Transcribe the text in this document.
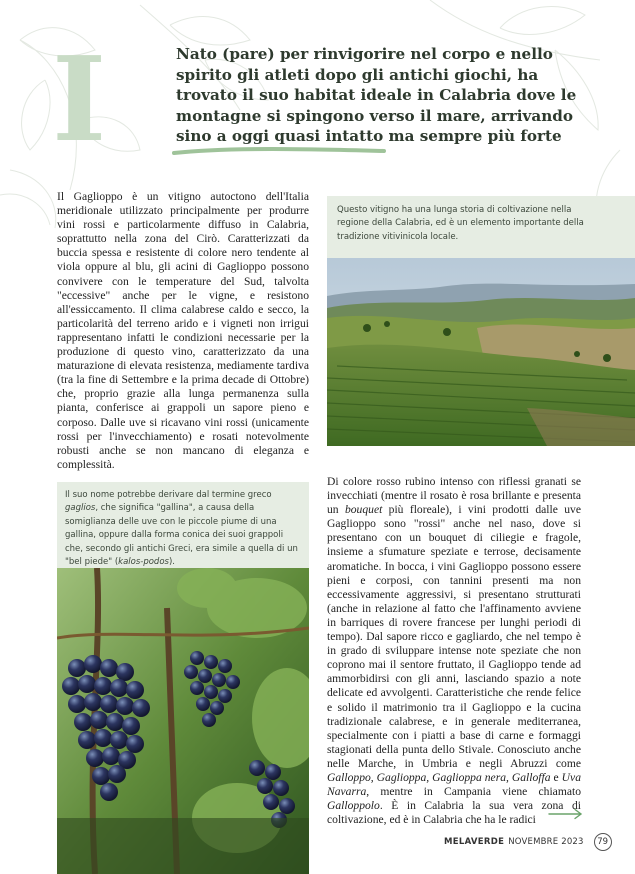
I	Nato (pare) per rinvigorire nel corpo e nello spirito gli atleti dopo gli antichi giochi, ha trovato il suo habitat ideale in Calabria dove le montagne si spingono verso il mare, arrivando sino a oggi quasi intatto ma sempre più forte

Il Gaglioppo è un vitigno autoctono dell'Italia meridionale utilizzato principalmente per produrre vini rossi e particolarmente diffuso in Calabria, soprattutto nella zona del Cirò. Caratterizzati da buccia spessa e resistente di colore nero tendente al viola oppure al blu, gli acini di Gaglioppo possono convivere con le temperature del Sud, talvolta "eccessive" anche per le vigne, e resistono all'essiccamento. Il clima calabrese caldo e secco, la particolarità del terreno arido e i vigneti non irrigui rappresentano infatti le condizioni necessarie per la produzione di questo vino, caratterizzato da una maturazione di elevata resistenza, mediamente tardiva (tra la fine di Settembre e la prima decade di Ottobre) che, proprio grazie alla lunga permanenza sulla pianta, conferisce ai grappoli un sapore pieno e corposo. Dalle uve si ricavano vini rossi (unicamente rossi per l'invecchiamento) e rosati notevolmente robusti anche se non mancano di eleganza e complessità.

Questo vitigno ha una lunga storia di coltivazione nella regione della Calabria, ed è un elemento importante della tradizione vitivinicola locale.

Il suo nome potrebbe derivare dal termine greco gaglios, che significa "gallina", a causa della somiglianza delle uve con le piccole piume di una gallina, oppure dalla forma conica dei suoi grappoli che, secondo gli antichi Greci, era simile a quella di un "bel piede" (kalos-podos).

Di colore rosso rubino intenso con riflessi granati se invecchiati (mentre il rosato è rosa brillante e presenta un bouquet più floreale), i vini prodotti dalle uve Gaglioppo sono "rossi" anche nel naso, dove si presentano con un bouquet di ciliegie e fragole, insieme a sfumature speziate e terrose, decisamente aromatiche. In bocca, i vini Gaglioppo possono essere pieni e corposi, con tannini presenti ma non eccessivamente aggressivi, si presentano strutturati (anche in relazione al fatto che l'affinamento avviene in barriques di rovere francese per lunghi periodi di tempo). Dal sapore ricco e gagliardo, che nel tempo è in grado di sviluppare intense note speziate che non coprono mai il sentore fruttato, il Gaglioppo tende ad ammorbidirsi con gli anni, lasciando spazio a note delicate ed avvolgenti. Caratteristiche che rende felice e solido il matrimonio tra il Gaglioppo e la cucina tradizionale calabrese, e in generale mediterranea, specialmente con i piatti a base di carne e formaggi stagionati della punta dello Stivale. Conosciuto anche nelle Marche, in Umbria e negli Abruzzi come Galloppo, Gagliopp​a, Gaglioppa nera, Galloffa e Uva Navarra, mentre in Campania viene chiamato Galloppolo. È in Calabria la sua vera zona di coltivazione, ed è in Calabria che ha le radici

MELAVERDE NOVEMBRE 2023	79
